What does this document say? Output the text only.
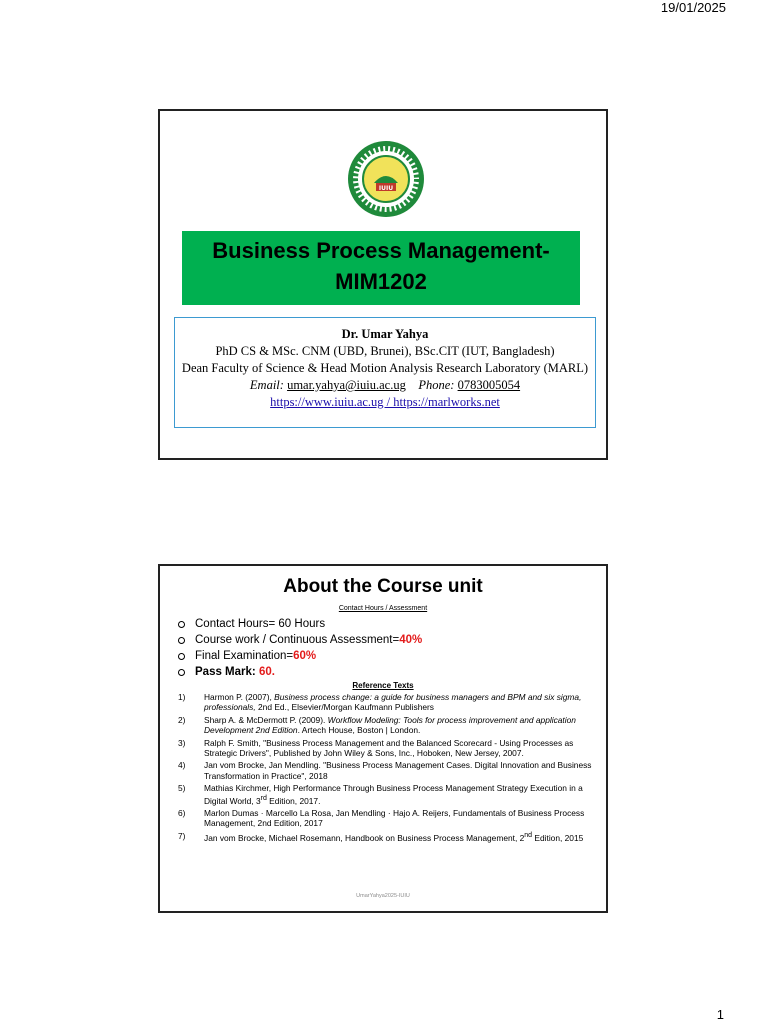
19/01/2025
IUIU
Business Process Management-
MIM1202
Dr. Umar Yahya
PhD CS & MSc. CNM (UBD, Brunei), BSc.CIT (IUT, Bangladesh)
Dean Faculty of Science & Head Motion Analysis Research Laboratory (MARL)
Email: umar.yahya@iuiu.ac.ug Phone: 0783005054
https://www.iuiu.ac.ug / https://marlworks.net
About the Course unit
Contact Hours / Assessment
Contact Hours= 60 Hours
Course work / Continuous Assessment=40%
Final Examination=60%
Pass Mark: 60.
Reference Texts
1)	Harmon P. (2007), Business process change: a guide for business managers and BPM and six sigma, professionals, 2nd Ed., Elsevier/Morgan Kaufmann Publishers
2)	Sharp A. & McDermott P. (2009). Workflow Modeling: Tools for process improvement and application Development 2nd Edition. Artech House, Boston | London.
3)	Ralph F. Smith, "Business Process Management and the Balanced Scorecard - Using Processes as Strategic Drivers", Published by John Wiley & Sons, Inc., Hoboken, New Jersey, 2007.
4)	Jan vom Brocke, Jan Mendling. "Business Process Management Cases. Digital Innovation and Business Transformation in Practice", 2018
5)	Mathias Kirchmer, High Performance Through Business Process Management Strategy Execution in a Digital World, 3rd Edition, 2017.
6)	Marlon Dumas · Marcello La Rosa, Jan Mendling · Hajo A. Reijers, Fundamentals of Business Process Management, 2nd Edition, 2017
7)	Jan vom Brocke, Michael Rosemann, Handbook on Business Process Management, 2nd Edition, 2015
UmarYahya2025-IUIU
1
